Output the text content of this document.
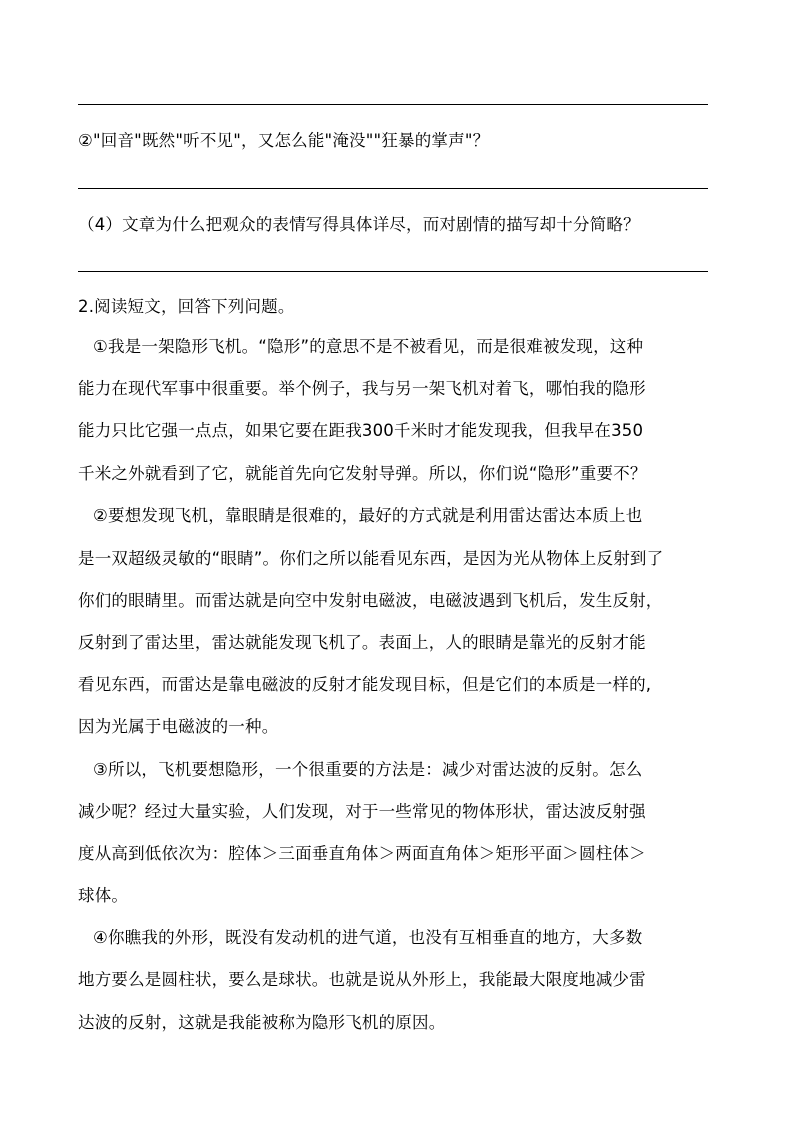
②"回音"既然"听不见"，又怎么能"淹没""狂暴的掌声"？
（4）文章为什么把观众的表情写得具体详尽，而对剧情的描写却十分简略？
2.阅读短文，回答下列问题。
①我是一架隐形飞机。“隐形”的意思不是不被看见，而是很难被发现，这种
能力在现代军事中很重要。举个例子，我与另一架飞机对着飞，哪怕我的隐形
能力只比它强一点点，如果它要在距我300千米时才能发现我，但我早在350
千米之外就看到了它，就能首先向它发射导弹。所以，你们说“隐形”重要不？
②要想发现飞机，靠眼睛是很难的，最好的方式就是利用雷达雷达本质上也
是一双超级灵敏的“眼睛”。你们之所以能看见东西，是因为光从物体上反射到了
你们的眼睛里。而雷达就是向空中发射电磁波，电磁波遇到飞机后，发生反射，
反射到了雷达里，雷达就能发现飞机了。表面上，人的眼睛是靠光的反射才能
看见东西，而雷达是靠电磁波的反射才能发现目标，但是它们的本质是一样的,
因为光属于电磁波的一种。
③所以，飞机要想隐形，一个很重要的方法是：减少对雷达波的反射。怎么
减少呢？经过大量实验，人们发现，对于一些常见的物体形状，雷达波反射强
度从高到低依次为：腔体＞三面垂直角体＞两面直角体＞矩形平面＞圆柱体＞
球体。
④你瞧我的外形，既没有发动机的进气道，也没有互相垂直的地方，大多数
地方要么是圆柱状，要么是球状。也就是说从外形上，我能最大限度地减少雷
达波的反射，这就是我能被称为隐形飞机的原因。
